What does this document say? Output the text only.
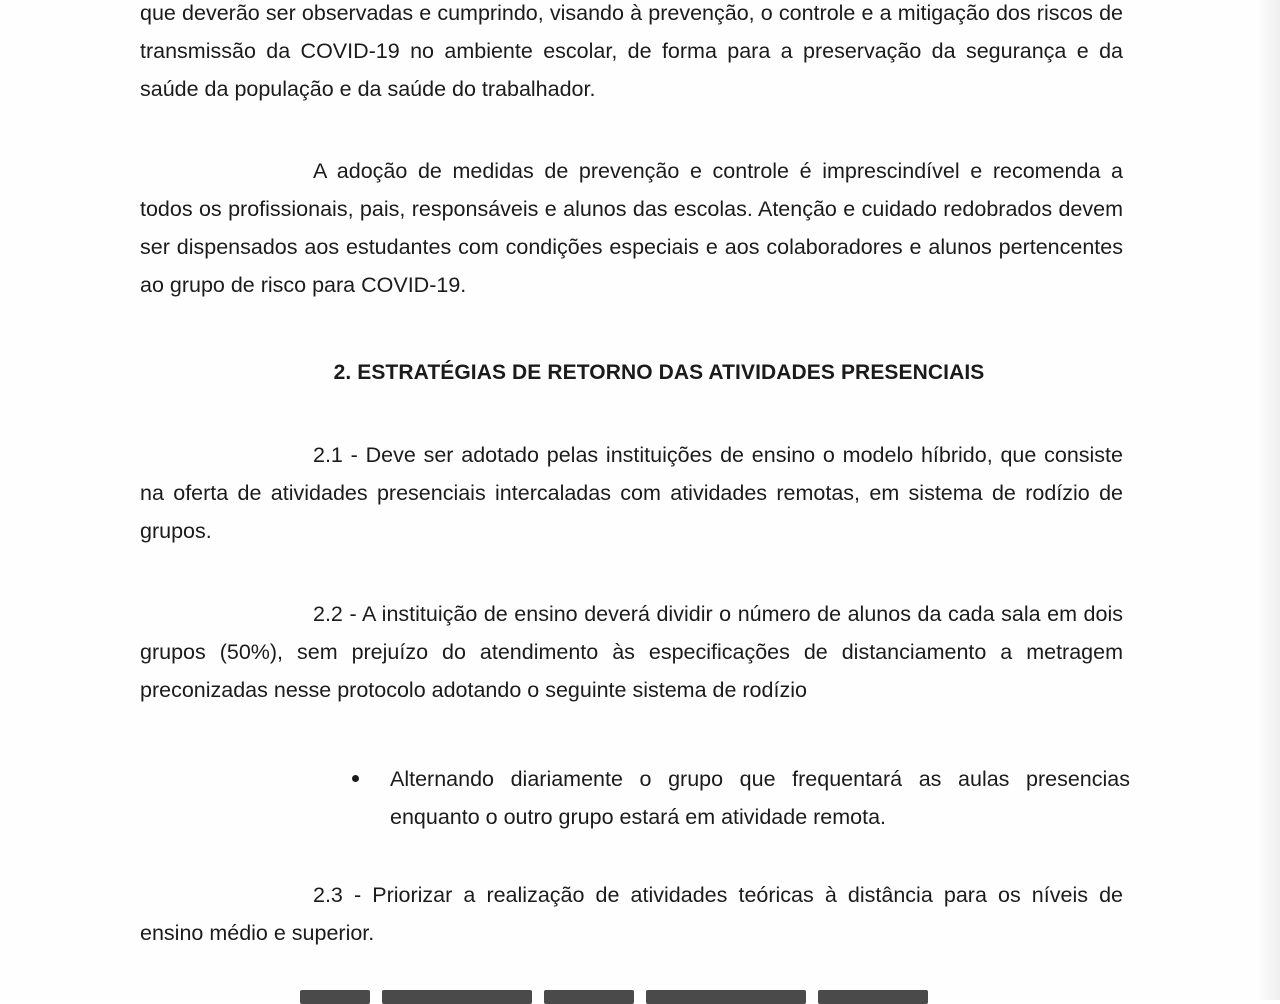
que deverão ser observadas e cumprindo, visando à prevenção, o controle e a mitigação dos riscos de transmissão da COVID-19 no ambiente escolar, de forma para a preservação da segurança e da saúde da população e da saúde do trabalhador.

A adoção de medidas de prevenção e controle é imprescindível e recomenda a todos os profissionais, pais, responsáveis e alunos das escolas. Atenção e cuidado redobrados devem ser dispensados aos estudantes com condições especiais e aos colaboradores e alunos pertencentes ao grupo de risco para COVID-19.

2. ESTRATÉGIAS DE RETORNO DAS ATIVIDADES PRESENCIAIS

2.1 - Deve ser adotado pelas instituições de ensino o modelo híbrido, que consiste na oferta de atividades presenciais intercaladas com atividades remotas, em sistema de rodízio de grupos.

2.2 - A instituição de ensino deverá dividir o número de alunos da cada sala em dois grupos (50%), sem prejuízo do atendimento às especificações de distanciamento a metragem preconizadas nesse protocolo adotando o seguinte sistema de rodízio

Alternando diariamente o grupo que frequentará as aulas presencias enquanto o outro grupo estará em atividade remota.

2.3 - Priorizar a realização de atividades teóricas à distância para os níveis de ensino médio e superior.
